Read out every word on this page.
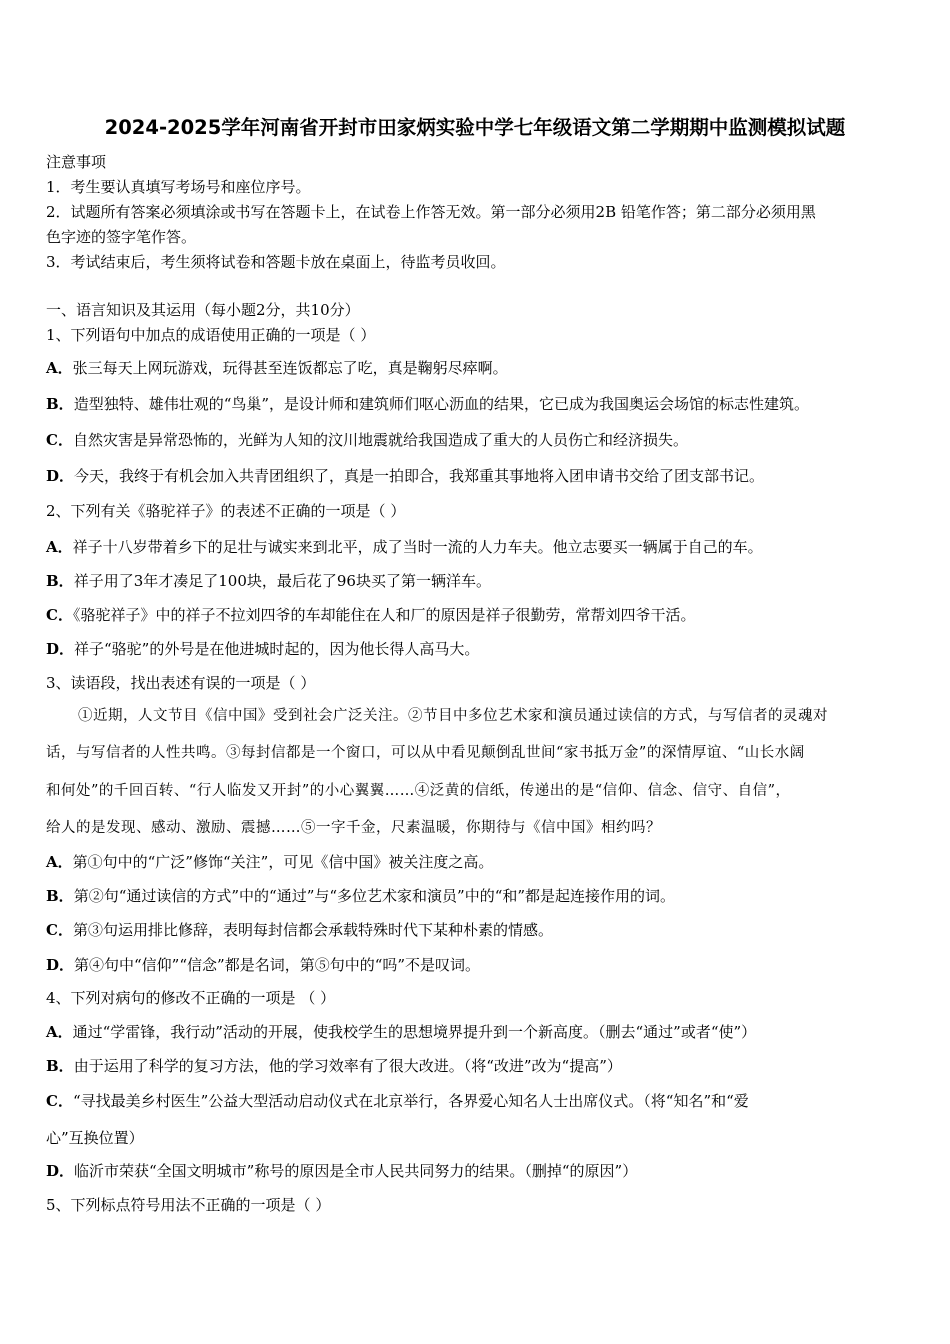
2024-2025学年河南省开封市田家炳实验中学七年级语文第二学期期中监测模拟试题
注意事项
1．考生要认真填写考场号和座位序号。
2．试题所有答案必须填涂或书写在答题卡上，在试卷上作答无效。第一部分必须用2B 铅笔作答；第二部分必须用黑
色字迹的签字笔作答。
3．考试结束后，考生须将试卷和答题卡放在桌面上，待监考员收回。
一、语言知识及其运用（每小题2分，共10分）
1、下列语句中加点的成语使用正确的一项是（ ）
A．张三每天上网玩游戏，玩得甚至连饭都忘了吃，真是鞠躬尽瘁啊。
B．造型独特、雄伟壮观的“鸟巢”，是设计师和建筑师们呕心沥血的结果，它已成为我国奥运会场馆的标志性建筑。
C．自然灾害是异常恐怖的，光鲜为人知的汶川地震就给我国造成了重大的人员伤亡和经济损失。
D．今天，我终于有机会加入共青团组织了，真是一拍即合，我郑重其事地将入团申请书交给了团支部书记。
2、下列有关《骆驼祥子》的表述不正确的一项是（ ）
A．祥子十八岁带着乡下的足壮与诚实来到北平，成了当时一流的人力车夫。他立志要买一辆属于自己的车。
B．祥子用了3年才凑足了100块，最后花了96块买了第一辆洋车。
C．《骆驼祥子》中的祥子不拉刘四爷的车却能住在人和厂的原因是祥子很勤劳，常帮刘四爷干活。
D．祥子“骆驼”的外号是在他进城时起的，因为他长得人高马大。
3、读语段，找出表述有误的一项是（ ）
①近期，人文节目《信中国》受到社会广泛关注。②节目中多位艺术家和演员通过读信的方式，与写信者的灵魂对
话，与写信者的人性共鸣。③每封信都是一个窗口，可以从中看见颠倒乱世间“家书抵万金”的深情厚谊、“山长水阔
和何处”的千回百转、“行人临发又开封”的小心翼翼……④泛黄的信纸，传递出的是“信仰、信念、信守、自信”，
给人的是发现、感动、激励、震撼……⑤一字千金，尺素温暖，你期待与《信中国》相约吗？
A．第①句中的“广泛”修饰“关注”，可见《信中国》被关注度之高。
B．第②句“通过读信的方式”中的“通过”与“多位艺术家和演员”中的“和”都是起连接作用的词。
C．第③句运用排比修辞，表明每封信都会承载特殊时代下某种朴素的情感。
D．第④句中“信仰”“信念”都是名词，第⑤句中的“吗”不是叹词。
4、下列对病句的修改不正确的一项是 （ ）
A．通过“学雷锋，我行动”活动的开展，使我校学生的思想境界提升到一个新高度。（删去“通过”或者“使”）
B．由于运用了科学的复习方法，他的学习效率有了很大改进。（将“改进”改为“提高”）
C．“寻找最美乡村医生”公益大型活动启动仪式在北京举行，各界爱心知名人士出席仪式。（将“知名”和“爱
心”互换位置）
D．临沂市荣获“全国文明城市”称号的原因是全市人民共同努力的结果。（删掉“的原因”）
5、下列标点符号用法不正确的一项是（ ）
